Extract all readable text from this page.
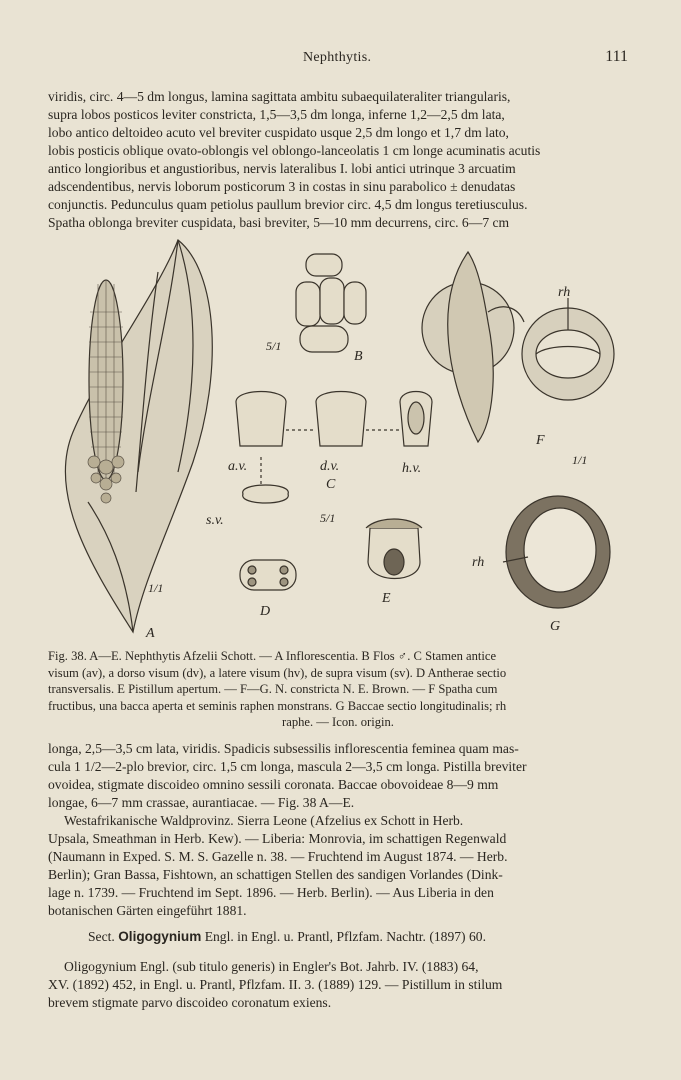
Nephthytis.	111

viridis, circ. 4—5 dm longus, lamina sagittata ambitu subaequilateraliter triangularis,

supra lobos posticos leviter constricta, 1,5—3,5 dm longa, inferne 1,2—2,5 dm lata,

lobo antico deltoideo acuto vel breviter cuspidato usque 2,5 dm longo et 1,7 dm lato,

lobis posticis oblique ovato-oblongis vel oblongo-lanceolatis 1 cm longe acuminatis acutis

antico longioribus et angustioribus, nervis lateralibus I. lobi antici utrinque 3 arcuatim

adscendentibus, nervis loborum posticorum 3 in costas in sinu parabolico ± denudatas

conjunctis. Pedunculus quam petiolus paullum brevior circ. 4,5 dm longus teretiusculus.

Spatha oblonga breviter cuspidata, basi breviter, 5—10 mm decurrens, circ. 6—7 cm

A
1/1
B
5/1
C
5/1
a.v.	d.v.	h.v.
s.v.
D
E
F
1/1
G
rh
rh
Fig. 38. A—E. Nephthytis Afzelii Schott. — A Inflorescentia. B Flos ♂. C Stamen antice
visum (av), a dorso visum (dv), a latere visum (hv), de supra visum (sv). D Antherae sectio
transversalis. E Pistillum apertum. — F—G. N. constricta N. E. Brown. — F Spatha cum
fructibus, una bacca aperta et seminis raphen monstrans. G Baccae sectio longitudinalis; rh
raphe. — Icon. origin.

longa, 2,5—3,5 cm lata, viridis. Spadicis subsessilis inflorescentia feminea quam mas-

cula 1 1/2—2-plo brevior, circ. 1,5 cm longa, mascula 2—3,5 cm longa. Pistilla breviter

ovoidea, stigmate discoideo omnino sessili coronata. Baccae obovoideae 8—9 mm

longae, 6—7 mm crassae, aurantiacae. — Fig. 38 A—E.

Westafrikanische Waldprovinz. Sierra Leone (Afzelius ex Schott in Herb.

Upsala, Smeathman in Herb. Kew). — Liberia: Monrovia, im schattigen Regenwald

(Naumann in Exped. S. M. S. Gazelle n. 38. — Fruchtend im August 1874. — Herb.

Berlin); Gran Bassa, Fishtown, an schattigen Stellen des sandigen Vorlandes (Dink-

lage n. 1739. — Fruchtend im Sept. 1896. — Herb. Berlin). — Aus Liberia in den

botanischen Gärten eingeführt 1881.

Sect. Oligogynium Engl. in Engl. u. Prantl, Pflzfam. Nachtr. (1897) 60.

Oligogynium Engl. (sub titulo generis) in Engler's Bot. Jahrb. IV. (1883) 64,

XV. (1892) 452, in Engl. u. Prantl, Pflzfam. II. 3. (1889) 129. — Pistillum in stilum

brevem stigmate parvo discoideo coronatum exiens.
